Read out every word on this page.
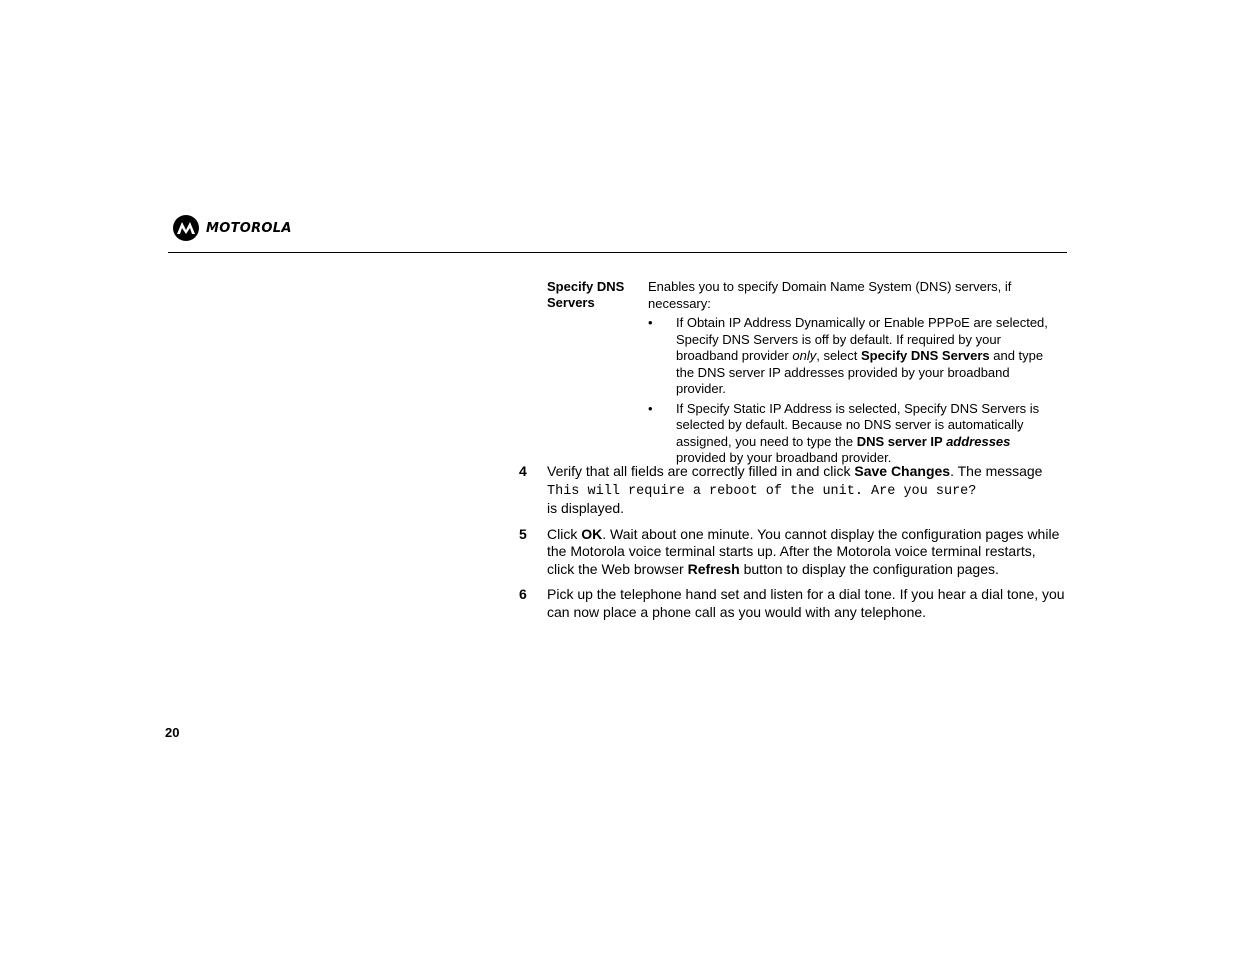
MOTOROLA
Specify DNS Servers

Enables you to specify Domain Name System (DNS) servers, if necessary:

• If Obtain IP Address Dynamically or Enable PPPoE are selected, Specify DNS Servers is off by default. If required by your broadband provider only, select Specify DNS Servers and type the DNS server IP addresses provided by your broadband provider.
• If Specify Static IP Address is selected, Specify DNS Servers is selected by default. Because no DNS server is automatically assigned, you need to type the DNS server IP addresses provided by your broadband provider.
4 Verify that all fields are correctly filled in and click Save Changes. The message
This will require a reboot of the unit. Are you sure?
is displayed.
5 Click OK. Wait about one minute. You cannot display the configuration pages while the Motorola voice terminal starts up. After the Motorola voice terminal restarts, click the Web browser Refresh button to display the configuration pages.
6 Pick up the telephone hand set and listen for a dial tone. If you hear a dial tone, you can now place a phone call as you would with any telephone.
20
